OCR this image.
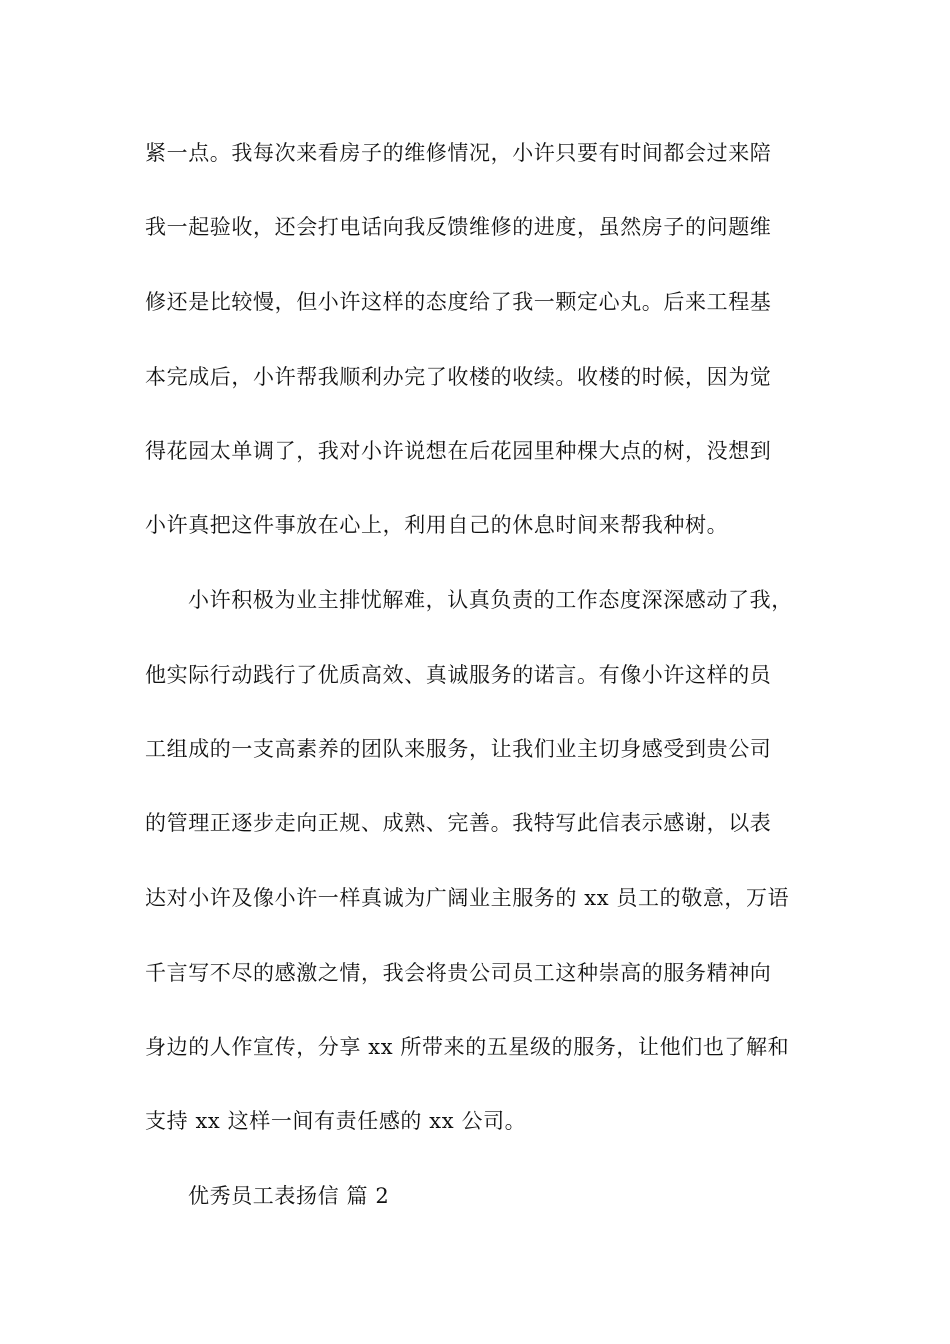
紧一点。我每次来看房子的维修情况，小许只要有时间都会过来陪
我一起验收，还会打电话向我反馈维修的进度，虽然房子的问题维
修还是比较慢，但小许这样的态度给了我一颗定心丸。后来工程基
本完成后，小许帮我顺利办完了收楼的收续。收楼的时候，因为觉
得花园太单调了，我对小许说想在后花园里种棵大点的树，没想到
小许真把这件事放在心上，利用自己的休息时间来帮我种树。
小许积极为业主排忧解难，认真负责的工作态度深深感动了我，
他实际行动践行了优质高效、真诚服务的诺言。有像小许这样的员
工组成的一支高素养的团队来服务，让我们业主切身感受到贵公司
的管理正逐步走向正规、成熟、完善。我特写此信表示感谢，以表
达对小许及像小许一样真诚为广阔业主服务的 xx 员工的敬意，万语
千言写不尽的感激之情，我会将贵公司员工这种崇高的服务精神向
身边的人作宣传，分享 xx 所带来的五星级的服务，让他们也了解和
支持 xx 这样一间有责任感的 xx 公司。
优秀员工表扬信 篇 2
